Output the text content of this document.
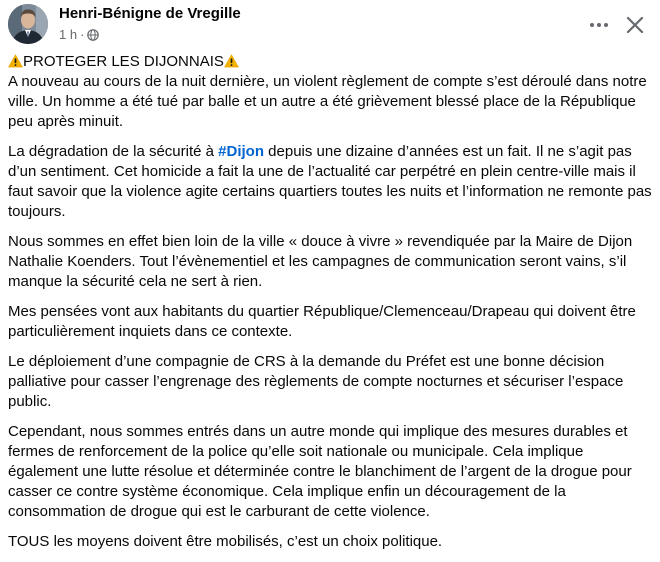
Henri-Bénigne de Vregille
1 h ·

PROTEGER LES DIJONNAIS
A nouveau au cours de la nuit dernière, un violent règlement de compte s’est déroulé dans notre ville. Un homme a été tué par balle et un autre a été grièvement blessé place de la République peu après minuit.

La dégradation de la sécurité à #Dijon depuis une dizaine d’années est un fait. Il ne s’agit pas d’un sentiment. Cet homicide a fait la une de l’actualité car perpétré en plein centre-ville mais il faut savoir que la violence agite certains quartiers toutes les nuits et l’information ne remonte pas toujours.

Nous sommes en effet bien loin de la ville « douce à vivre » revendiquée par la Maire de Dijon Nathalie Koenders. Tout l’évènementiel et les campagnes de communication seront vains, s’il manque la sécurité cela ne sert à rien.

Mes pensées vont aux habitants du quartier République/Clemenceau/Drapeau qui doivent être particulièrement inquiets dans ce contexte.

Le déploiement d’une compagnie de CRS à la demande du Préfet est une bonne décision palliative pour casser l’engrenage des règlements de compte nocturnes et sécuriser l’espace public.

Cependant, nous sommes entrés dans un autre monde qui implique des mesures durables et fermes de renforcement de la police qu’elle soit nationale ou municipale. Cela implique également une lutte résolue et déterminée contre le blanchiment de l’argent de la drogue pour casser ce contre système économique. Cela implique enfin un découragement de la consommation de drogue qui est le carburant de cette violence.

TOUS les moyens doivent être mobilisés, c’est un choix politique.
